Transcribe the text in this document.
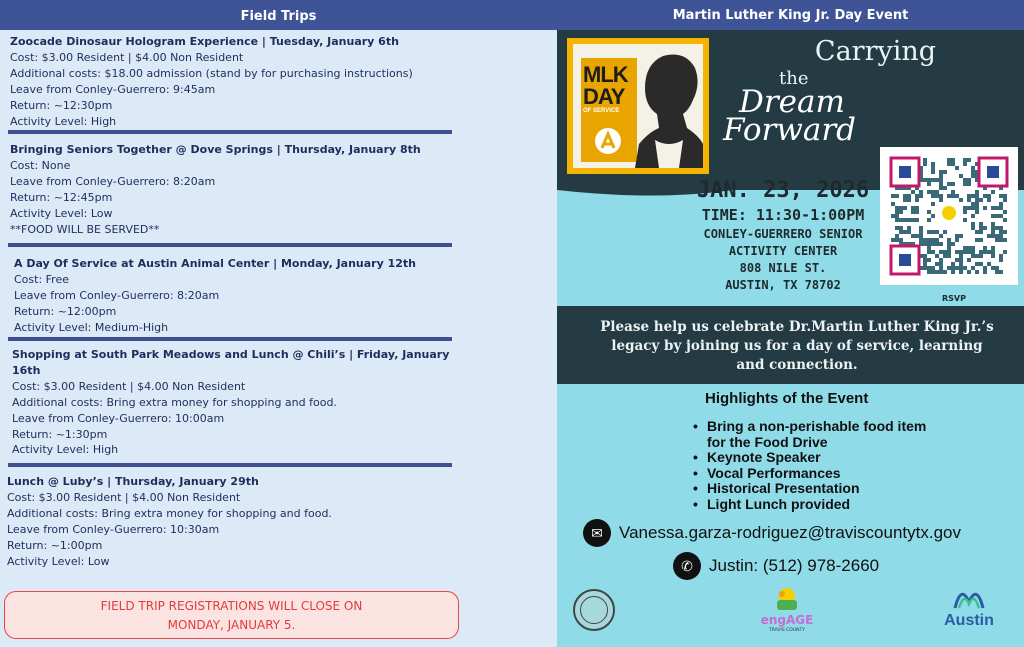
Field Trips
Zoocade Dinosaur Hologram Experience | Tuesday, January 6th
Cost: $3.00 Resident | $4.00 Non Resident
Additional costs: $18.00 admission (stand by for purchasing instructions)
Leave from Conley-Guerrero: 9:45am
Return: ~12:30pm
Activity Level: High
Bringing Seniors Together @ Dove Springs | Thursday, January 8th
Cost: None
Leave from Conley-Guerrero: 8:20am
Return: ~12:45pm
Activity Level: Low
**FOOD WILL BE SERVED**
A Day Of Service at Austin Animal Center | Monday, January 12th
Cost: Free
Leave from Conley-Guerrero: 8:20am
Return: ~12:00pm
Activity Level: Medium-High
Shopping at South Park Meadows and Lunch @ Chili’s | Friday, January 16th
Cost: $3.00 Resident | $4.00 Non Resident
Additional costs: Bring extra money for shopping and food.
Leave from Conley-Guerrero: 10:00am
Return: ~1:30pm
Activity Level: High
Lunch @ Luby’s | Thursday, January 29th
Cost: $3.00 Resident | $4.00 Non Resident
Additional costs: Bring extra money for shopping and food.
Leave from Conley-Guerrero: 10:30am
Return: ~1:00pm
Activity Level: Low
FIELD TRIP REGISTRATIONS WILL CLOSE ON
MONDAY, JANUARY 5.
Martin Luther King Jr. Day Event
MLK
DAY
OF SERVICE
Carrying
the
Dream
Forward
RSVP
JAN. 23, 2026
TIME: 11:30-1:00PM
CONLEY-GUERRERO SENIOR
ACTIVITY CENTER
808 NILE ST.
AUSTIN, TX 78702
Please help us celebrate Dr.Martin Luther King Jr.’s legacy by joining us for a day of service, learning and connection.
Highlights of the Event
• Bring a non-perishable food item for the Food Drive
• Keynote Speaker
• Vocal Performances
• Historical Presentation
• Light Lunch provided
✉ Vanessa.garza-rodriguez@traviscountytx.gov
✆ Justin: (512) 978-2660
engAGE
TRAVIS COUNTY
Austin
